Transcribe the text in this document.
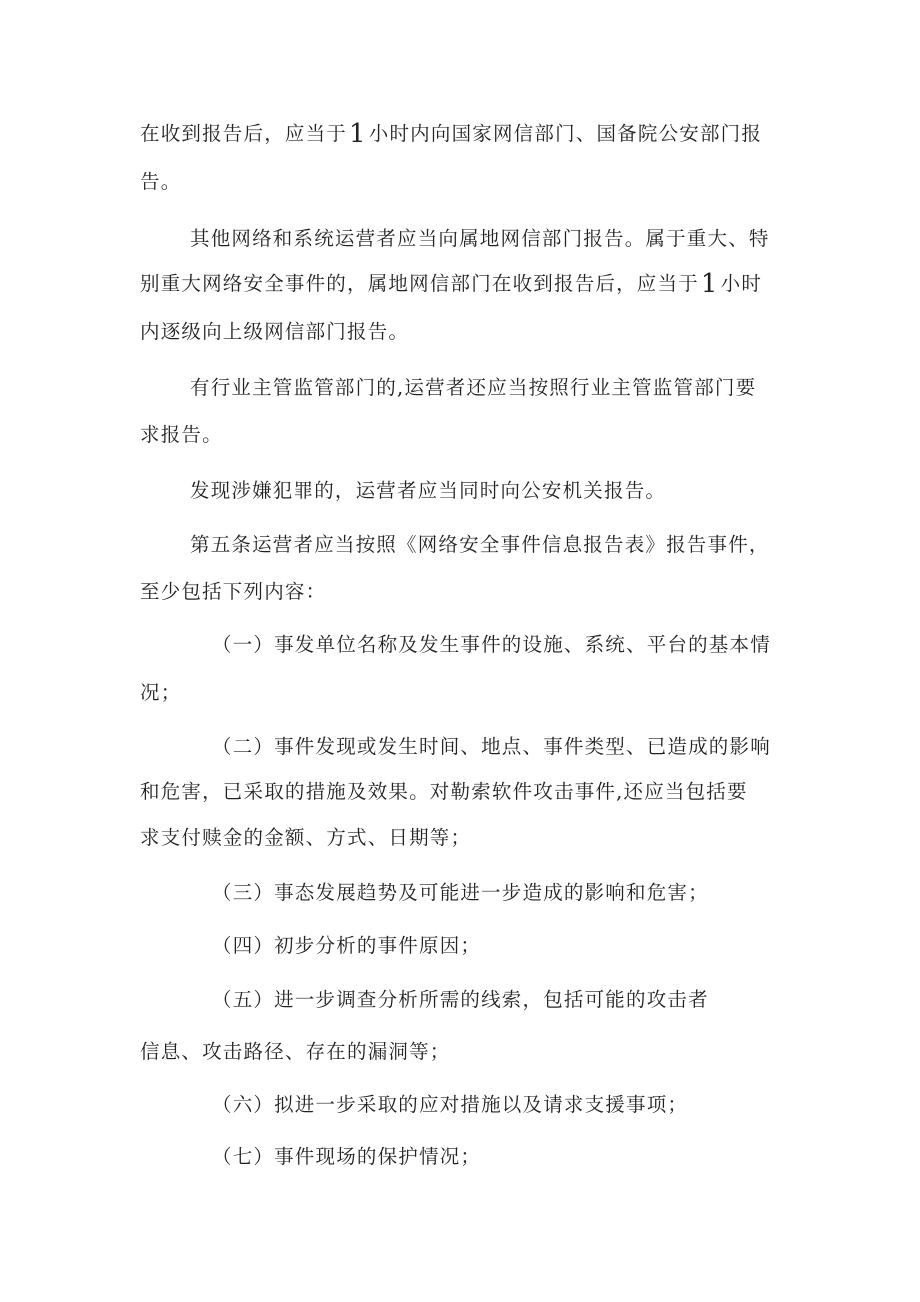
在收到报告后，应当于1 小时内向国家网信部门、国备院公安部门报
告。
其他网络和系统运营者应当向属地网信部门报告。属于重大、特
别重大网络安全事件的，属地网信部门在收到报告后，应当于1 小时
内逐级向上级网信部门报告。
有行业主管监管部门的,运营者还应当按照行业主管监管部门要
求报告。
发现涉嫌犯罪的，运营者应当同时向公安机关报告。
第五条运营者应当按照《网络安全事件信息报告表》报告事件，
至少包括下列内容：
（一）事发单位名称及发生事件的设施、系统、平台的基本情
况；
（二）事件发现或发生时间、地点、事件类型、已造成的影响
和危害，已采取的措施及效果。对勒索软件攻击事件,还应当包括要
求支付赎金的金额、方式、日期等；
（三）事态发展趋势及可能进一步造成的影响和危害；
（四）初步分析的事件原因；
（五）进一步调查分析所需的线索，包括可能的攻击者
信息、攻击路径、存在的漏洞等；
（六）拟进一步采取的应对措施以及请求支援事项；
（七）事件现场的保护情况；
